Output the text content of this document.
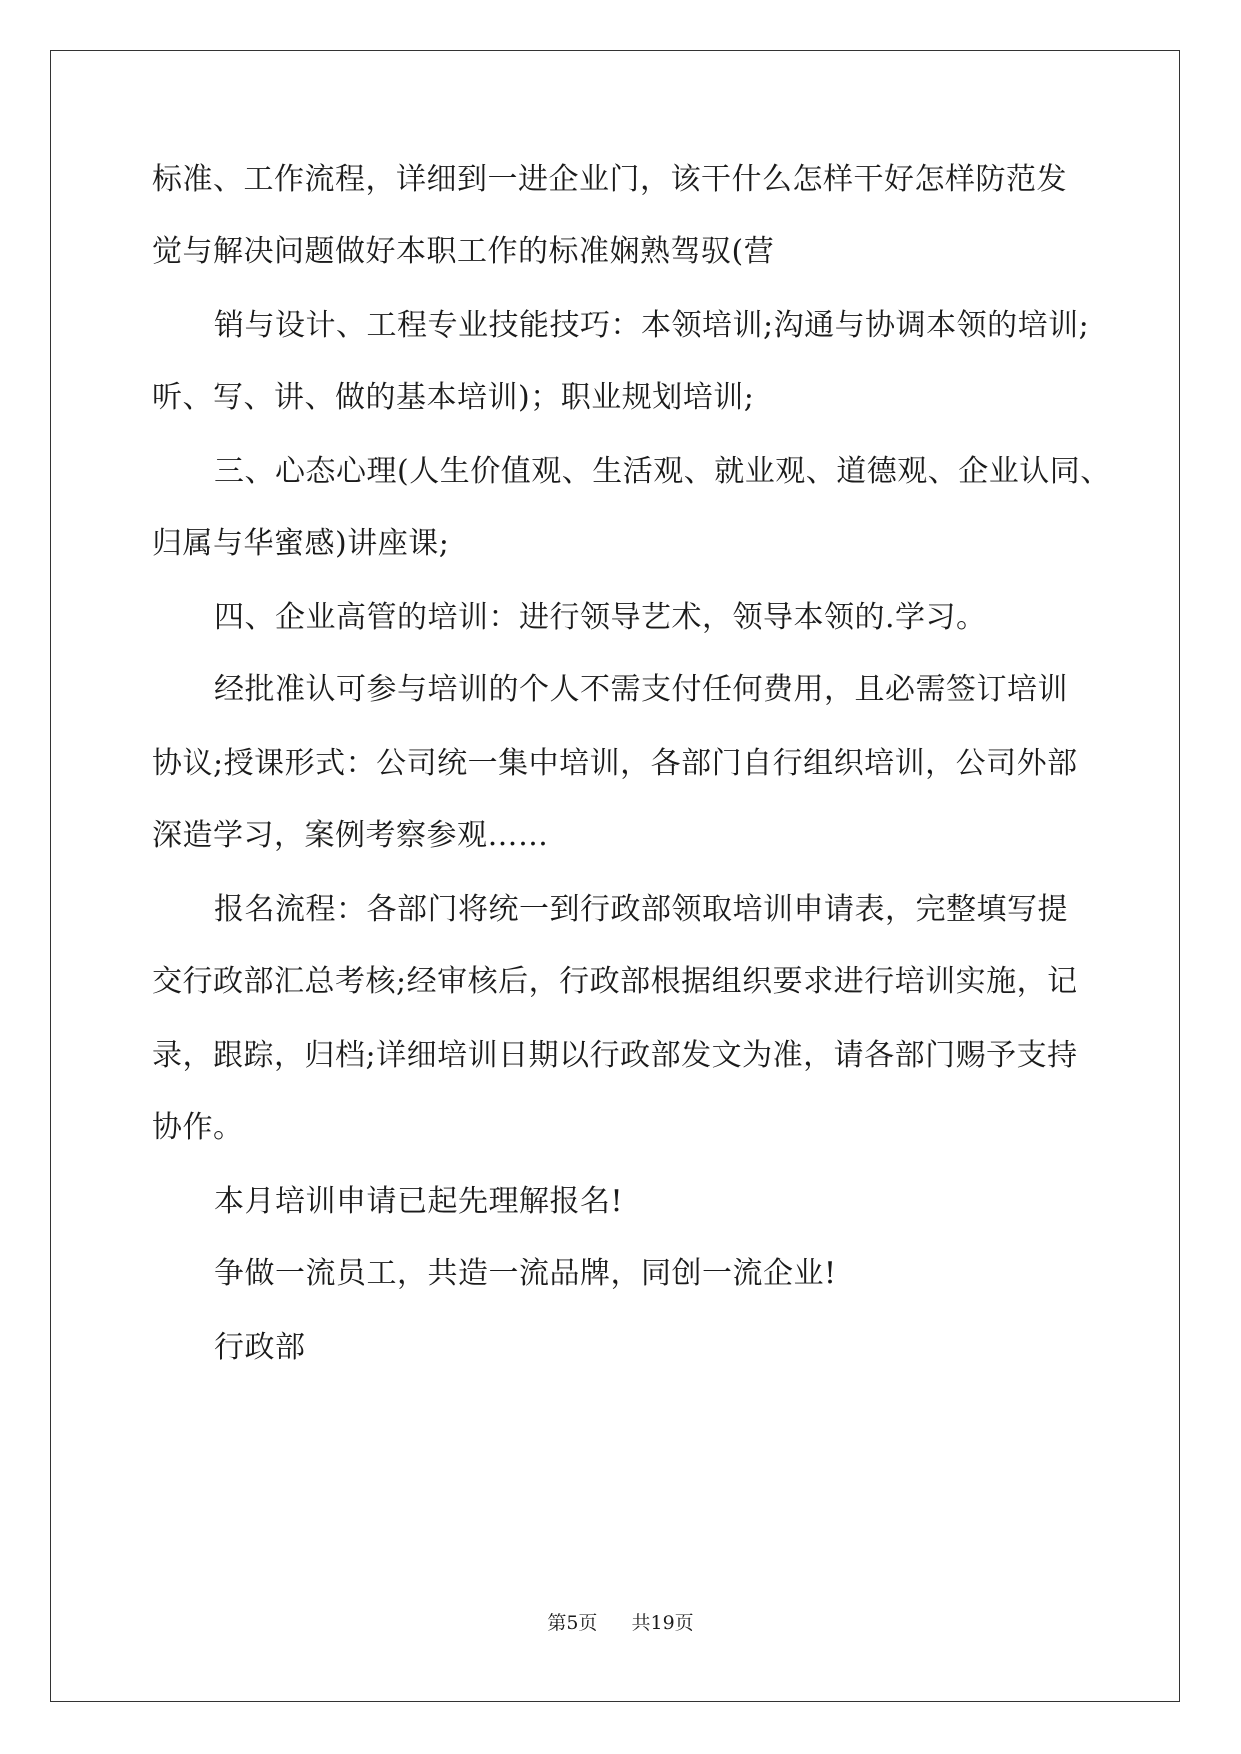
标准、工作流程，详细到一进企业门，该干什么怎样干好怎样防范发
觉与解决问题做好本职工作的标准娴熟驾驭(营
销与设计、工程专业技能技巧：本领培训;沟通与协调本领的培训;
听、写、讲、做的基本培训)；职业规划培训;
三、心态心理(人生价值观、生活观、就业观、道德观、企业认同、
归属与华蜜感)讲座课;
四、企业高管的培训：进行领导艺术，领导本领的.学习。
经批准认可参与培训的个人不需支付任何费用，且必需签订培训
协议;授课形式：公司统一集中培训，各部门自行组织培训，公司外部
深造学习，案例考察参观……
报名流程：各部门将统一到行政部领取培训申请表，完整填写提
交行政部汇总考核;经审核后，行政部根据组织要求进行培训实施，记
录，跟踪，归档;详细培训日期以行政部发文为准，请各部门赐予支持
协作。
本月培训申请已起先理解报名!
争做一流员工，共造一流品牌，同创一流企业!
行政部
第5页 共19页
